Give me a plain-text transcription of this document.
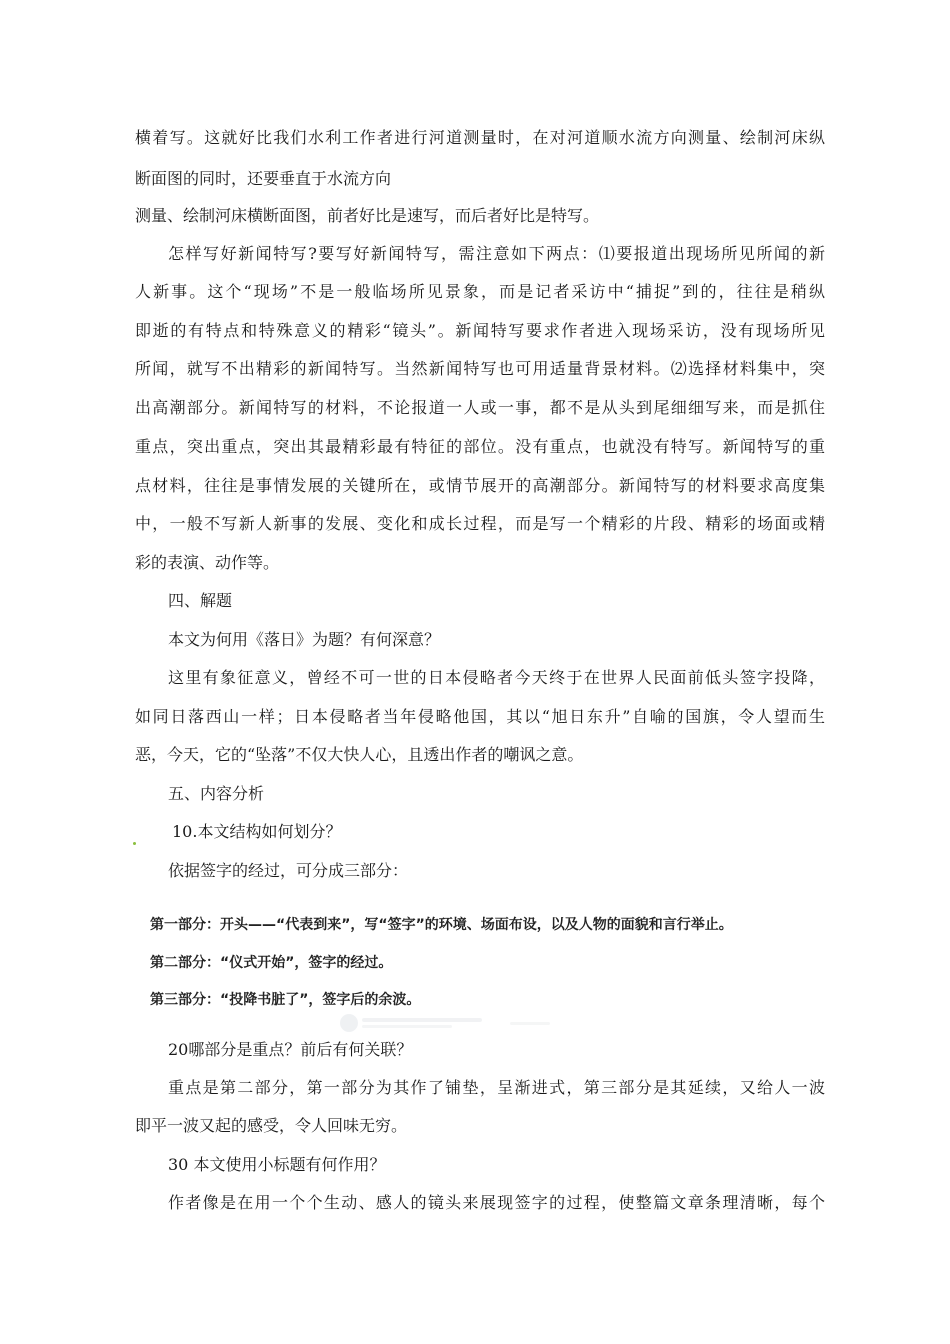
横着写。这就好比我们水利工作者进行河道测量时，在对河道顺水流方向测量、绘制河床纵
断面图的同时，还要垂直于水流方向
测量、绘制河床横断面图，前者好比是速写，而后者好比是特写。
怎样写好新闻特写?要写好新闻特写，需注意如下两点：⑴要报道出现场所见所闻的新
人新事。这个“现场”不是一般临场所见景象，而是记者采访中“捕捉”到的，往往是稍纵
即逝的有特点和特殊意义的精彩“镜头”。新闻特写要求作者进入现场采访，没有现场所见
所闻，就写不出精彩的新闻特写。当然新闻特写也可用适量背景材料。⑵选择材料集中，突
出高潮部分。新闻特写的材料，不论报道一人或一事，都不是从头到尾细细写来，而是抓住
重点，突出重点，突出其最精彩最有特征的部位。没有重点，也就没有特写。新闻特写的重
点材料，往往是事情发展的关键所在，或情节展开的高潮部分。新闻特写的材料要求高度集
中，一般不写新人新事的发展、变化和成长过程，而是写一个精彩的片段、精彩的场面或精
彩的表演、动作等。
四、解题
本文为何用《落日》为题？有何深意？
这里有象征意义，曾经不可一世的日本侵略者今天终于在世界人民面前低头签字投降，
如同日落西山一样；日本侵略者当年侵略他国，其以“旭日东升”自喻的国旗，令人望而生
恶，今天，它的“坠落”不仅大快人心，且透出作者的嘲讽之意。
五、内容分析
10.本文结构如何划分？
依据签字的经过，可分成三部分：
第一部分：开头——“代表到来”，写“签字”的环境、场面布设，以及人物的面貌和言行举止。
第二部分：“仪式开始”，签字的经过。
第三部分：“投降书脏了”，签字后的余波。
20哪部分是重点？前后有何关联？
重点是第二部分，第一部分为其作了铺垫，呈渐进式，第三部分是其延续，又给人一波
即平一波又起的感受，令人回味无穷。
30 本文使用小标题有何作用？
作者像是在用一个个生动、感人的镜头来展现签字的过程，使整篇文章条理清晰，每个
